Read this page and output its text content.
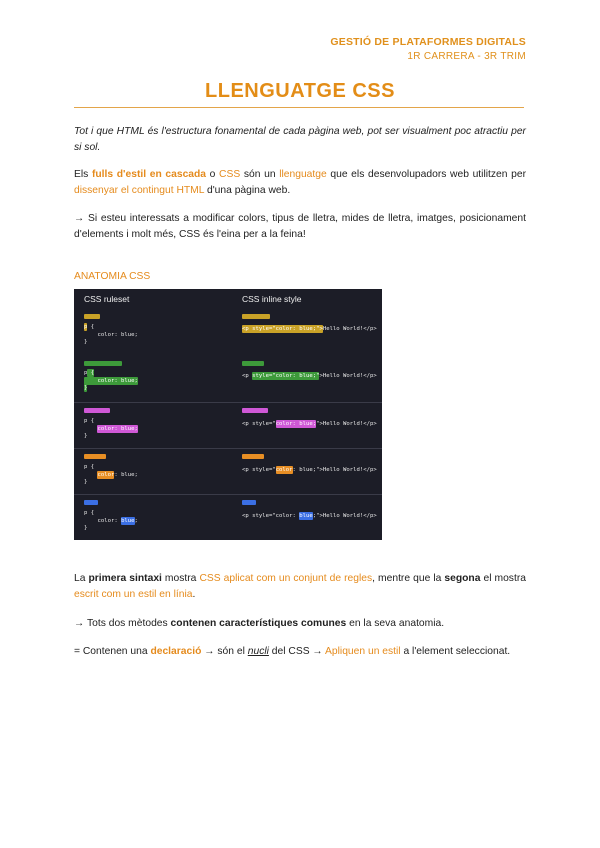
GESTIÓ DE PLATAFORMES DIGITALS
1R CARRERA - 3R TRIM
LLENGUATGE CSS
Tot i que HTML és l'estructura fonamental de cada pàgina web, pot ser visualment poc atractiu per si sol.
Els fulls d'estil en cascada o CSS són un llenguatge que els desenvolupadors web utilitzen per dissenyar el contingut HTML d'una pàgina web.
→ Si esteu interessats a modificar colors, tipus de lletra, mides de lletra, imatges, posicionament d'elements i molt més, CSS és l'eina per a la feina!
ANATOMIA CSS
CSS ruleset	CSS inline style
p {
color: blue;
}
<p style="color: blue;">Hello World!</p>
p {
color: blue;
}
<p style="color: blue;">Hello World!</p>
p {
color: blue;
}
<p style="color: blue;">Hello World!</p>
p {
color: blue;
}
<p style="color: blue;">Hello World!</p>
p {
color: blue;
}
<p style="color: blue;">Hello World!</p>
La primera sintaxi mostra CSS aplicat com un conjunt de regles, mentre que la segona el mostra escrit com un estil en línia.
→ Tots dos mètodes contenen característiques comunes en la seva anatomia.
= Contenen una declaració → són el nucli del CSS → Apliquen un estil a l'element seleccionat.
